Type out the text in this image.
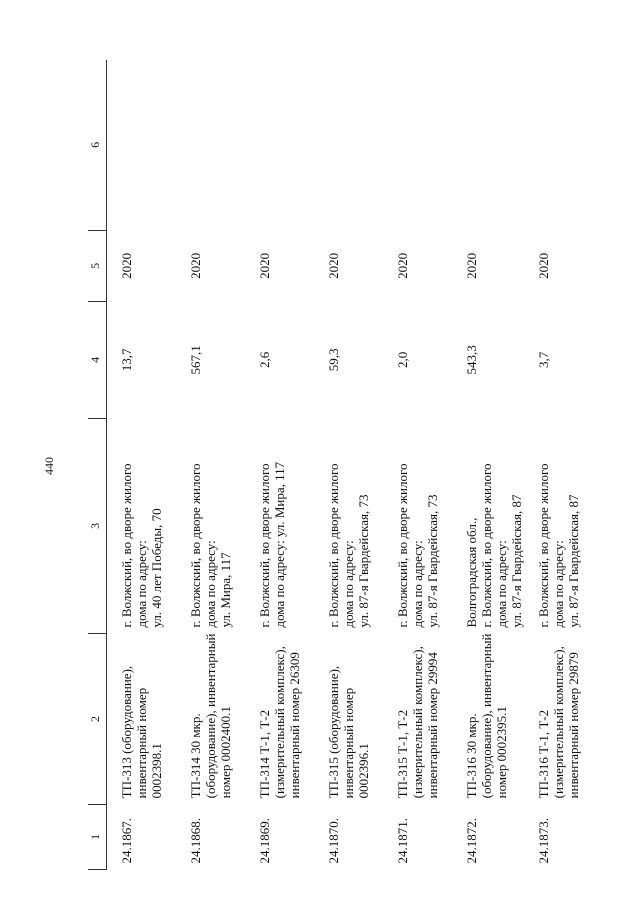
440
1	2	3	4	5	6
24.1867.	ТП-313 (оборудование), инвентарный номер 0002398.1	г. Волжский, во дворе жилого дома по адресу: ул. 40 лет Победы, 70	13,7	2020	
24.1868.	ТП-314 30 мкр. (оборудование), инвентарный номер 0002400.1	г. Волжский, во дворе жилого дома по адресу: ул. Мира, 117	567,1	2020	
24.1869.	ТП-314 Т-1, Т-2 (измерительный комплекс), инвентарный номер 26309	г. Волжский, во дворе жилого дома по адресу: ул. Мира, 117	2,6	2020	
24.1870.	ТП-315 (оборудование), инвентарный номер 0002396.1	г. Волжский, во дворе жилого дома по адресу: ул. 87-я Гвардейская, 73	59,3	2020	
24.1871.	ТП-315 Т-1, Т-2 (измерительный комплекс), инвентарный номер 29994	г. Волжский, во дворе жилого дома по адресу: ул. 87-я Гвардейская, 73	2,0	2020	
24.1872.	ТП-316 30 мкр. (оборудование), инвентарный номер 0002395.1	Волгоградская обл., г. Волжский, во дворе жилого дома по адресу: ул. 87-я Гвардейская, 87	543,3	2020	
24.1873.	ТП-316 Т-1, Т-2 (измерительный комплекс), инвентарный номер 29879	г. Волжский, во дворе жилого дома по адресу: ул. 87-я Гвардейская, 87	3,7	2020	
